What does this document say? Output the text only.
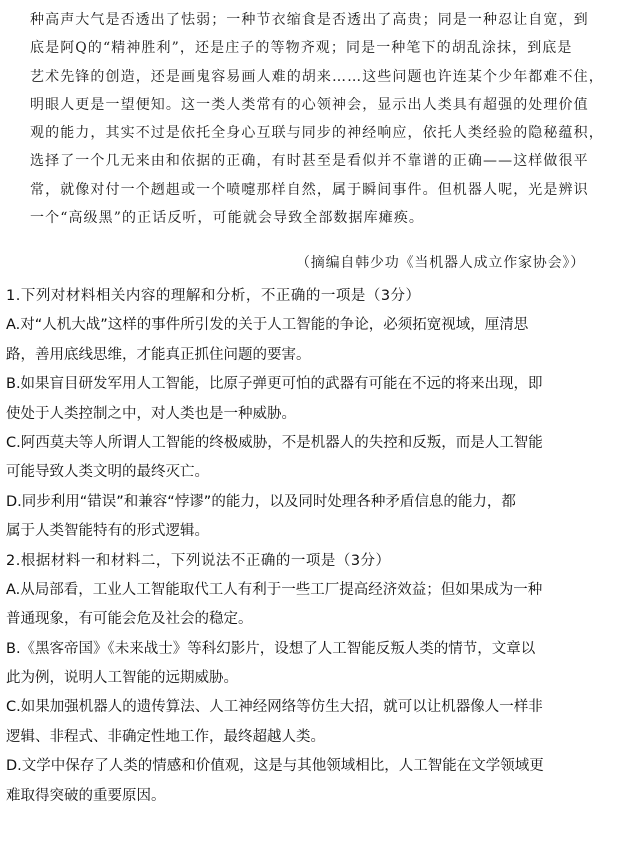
种高声大气是否透出了怯弱；一种节衣缩食是否透出了高贵；同是一种忍让自宽，到

底是阿Q的“精神胜利”，还是庄子的等物齐观；同是一种笔下的胡乱涂抹，到底是

艺术先锋的创造，还是画鬼容易画人难的胡来……这些问题也许连某个少年都难不住，

明眼人更是一望便知。这一类人类常有的心领神会，显示出人类具有超强的处理价值

观的能力，其实不过是依托全身心互联与同步的神经响应，依托人类经验的隐秘蕴积，

选择了一个几无来由和依据的正确，有时甚至是看似并不靠谱的正确——这样做很平

常，就像对付一个趔趄或一个喷嚏那样自然，属于瞬间事件。但机器人呢，光是辨识

一个“高级黑”的正话反听，可能就会导致全部数据库瘫痪。

（摘编自韩少功《当机器人成立作家协会》）
1.下列对材料相关内容的理解和分析，不正确的一项是（3分）
A.对“人机大战”这样的事件所引发的关于人工智能的争论，必须拓宽视域，厘清思
路，善用底线思维，才能真正抓住问题的要害。
B.如果盲目研发军用人工智能，比原子弹更可怕的武器有可能在不远的将来出现，即
使处于人类控制之中，对人类也是一种威胁。
C.阿西莫夫等人所谓人工智能的终极威胁，不是机器人的失控和反叛，而是人工智能
可能导致人类文明的最终灭亡。
D.同步利用“错误”和兼容“悖谬”的能力，以及同时处理各种矛盾信息的能力，都
属于人类智能特有的形式逻辑。
2.根据材料一和材料二，下列说法不正确的一项是（3分）
A.从局部看，工业人工智能取代工人有利于一些工厂提高经济效益；但如果成为一种
普通现象，有可能会危及社会的稳定。
B.《黑客帝国》《未来战士》等科幻影片，设想了人工智能反叛人类的情节，文章以
此为例，说明人工智能的远期威胁。
C.如果加强机器人的遗传算法、人工神经网络等仿生大招，就可以让机器像人一样非
逻辑、非程式、非确定性地工作，最终超越人类。
D.文学中保存了人类的情感和价值观，这是与其他领域相比，人工智能在文学领域更
难取得突破的重要原因。
